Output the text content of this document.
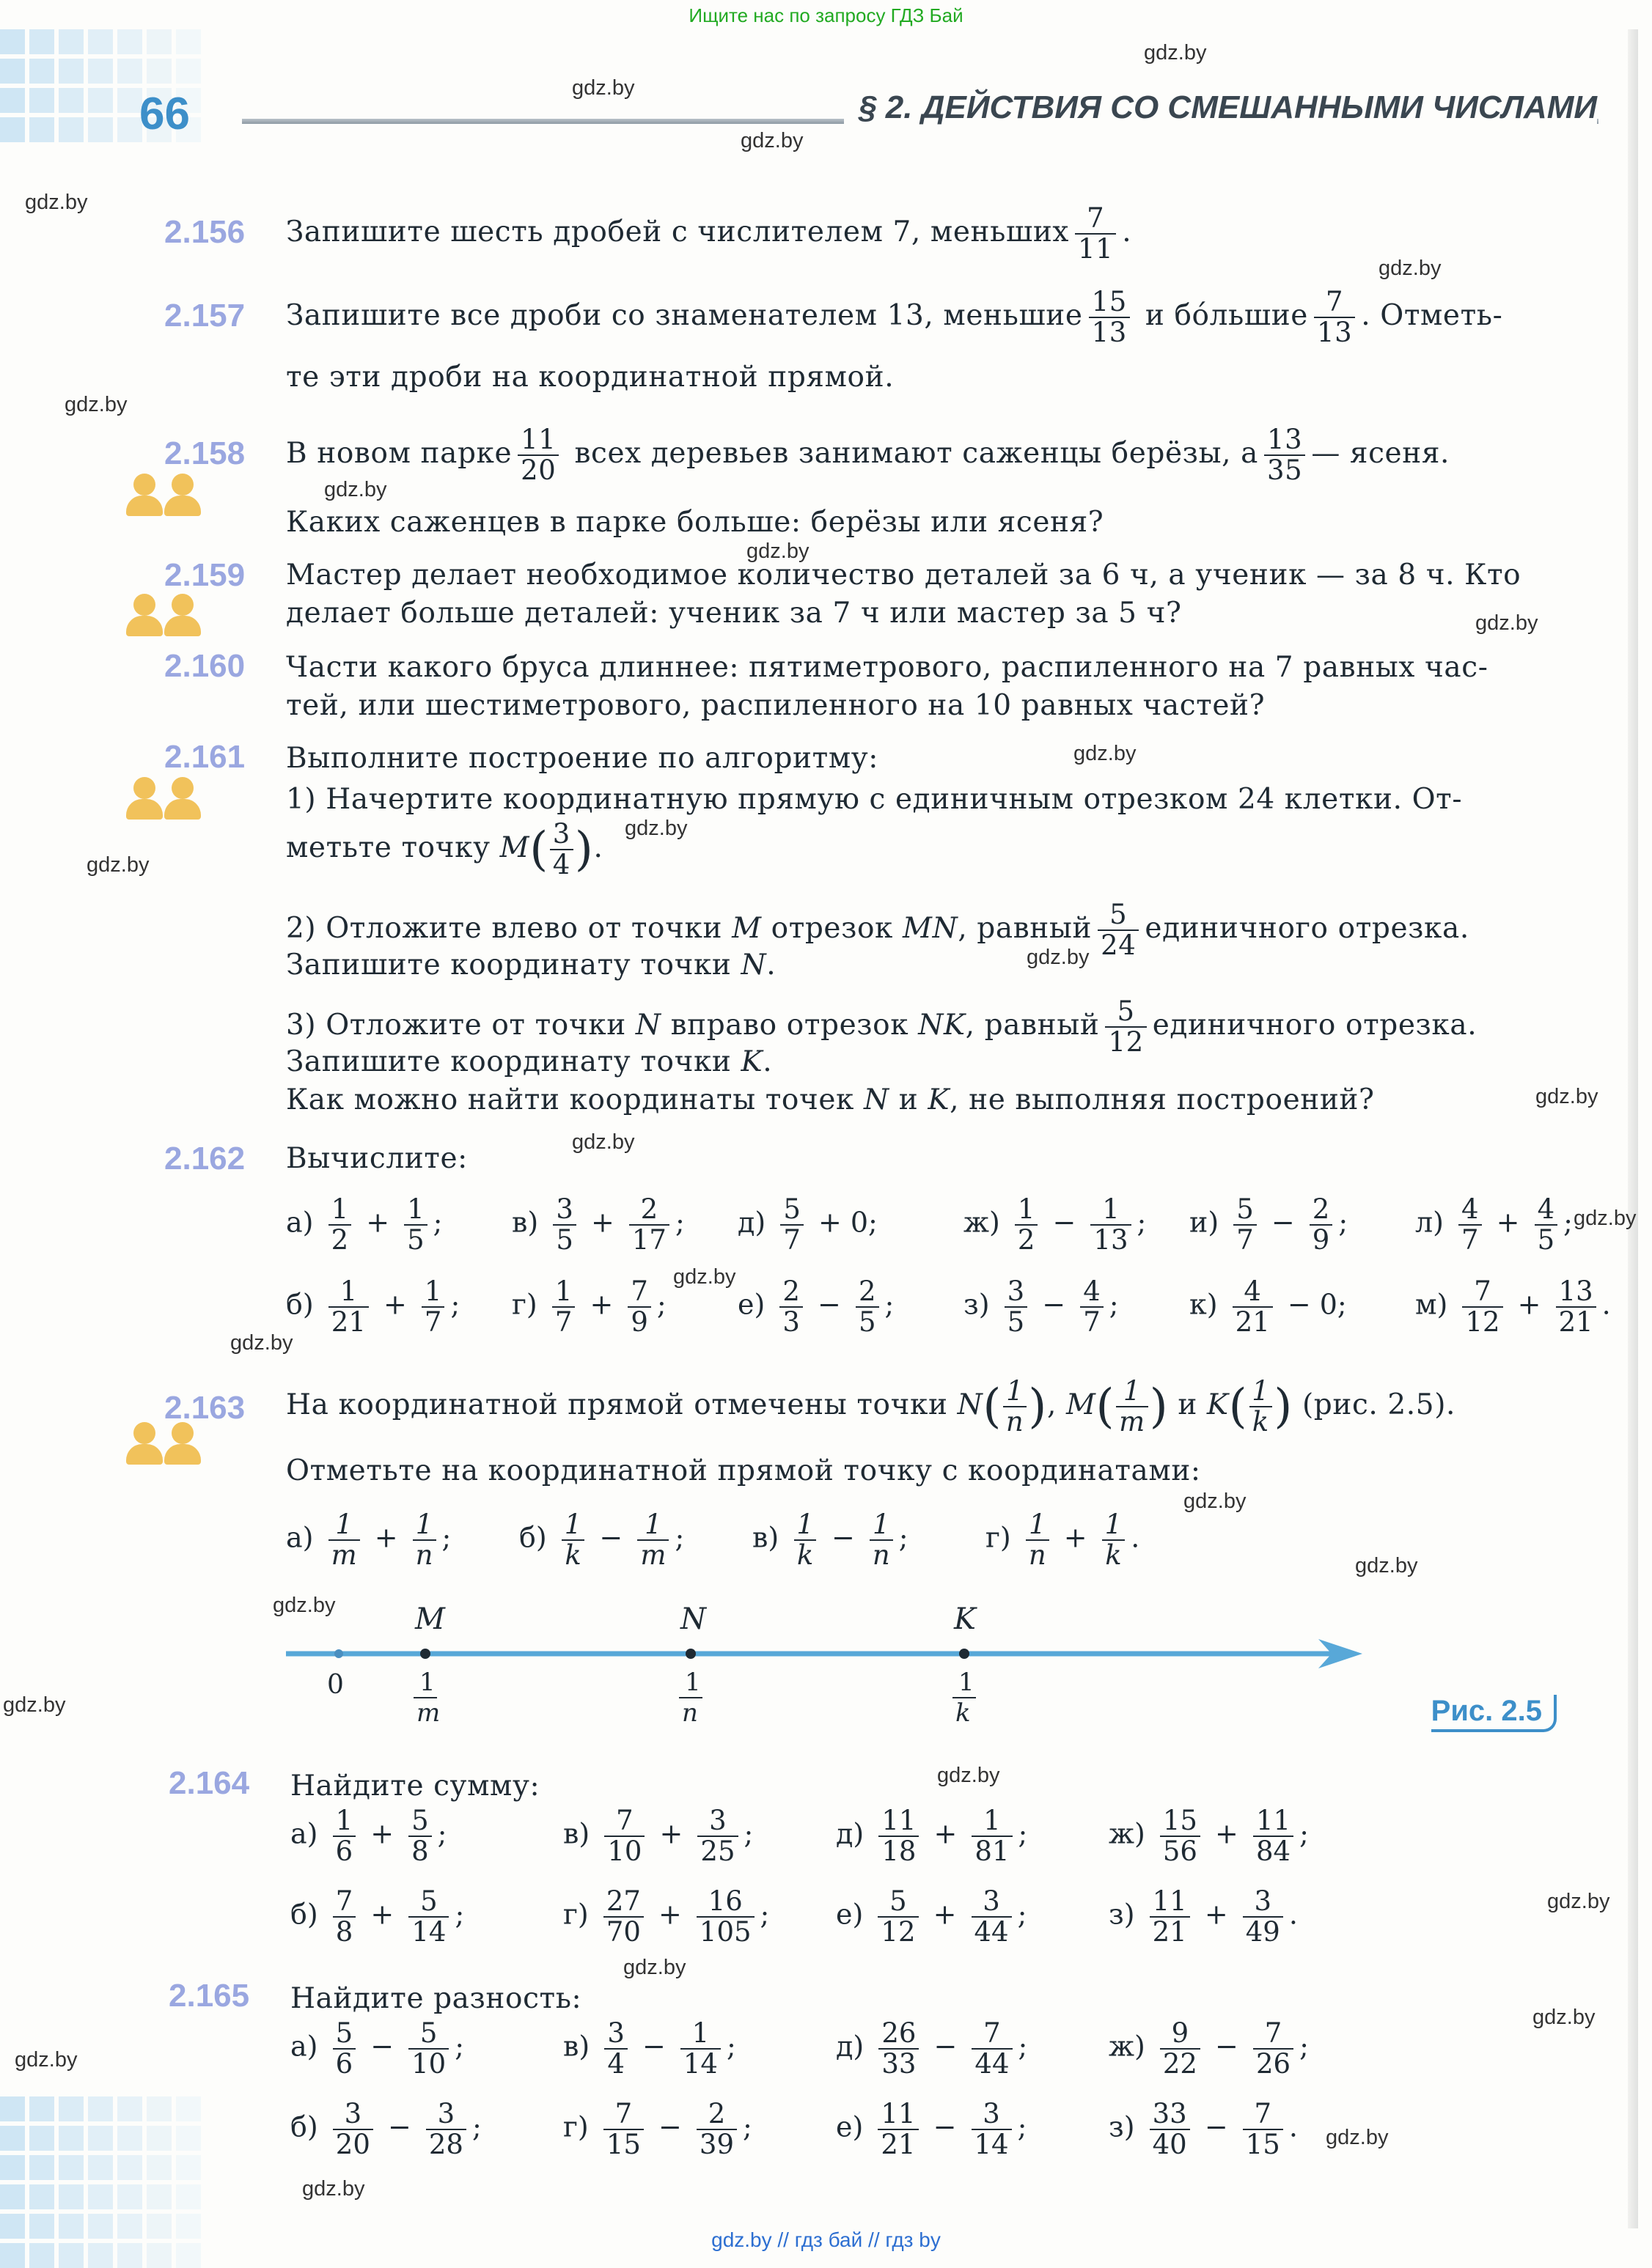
Ищите нас по запросу ГДЗ Бай
gdz.by // гдз бай // гдз by
66	§ 2. ДЕЙСТВИЯ СО СМЕШАННЫМИ ЧИСЛАМИ
gdz.by
gdz.by
gdz.by
gdz.by
gdz.by
gdz.by
gdz.by
gdz.by
gdz.by
gdz.by
gdz.by
gdz.by
gdz.by
gdz.by
gdz.by
gdz.by
gdz.by
gdz.by
gdz.by
gdz.by
gdz.by
gdz.by
gdz.by
gdz.by
gdz.by
gdz.by
gdz.by
gdz.by
gdz.by
2.156 Запишите шесть дробей с числителем 7, меньших $\frac{7}{11}$ .
2.157 Запишите все дроби со знаменателем 13, меньшие $\frac{15}{13}$ и бо́льшие $\frac{7}{13}$ . Отметь-
те эти дроби на координатной прямой.
2.158 В новом парке $\frac{11}{20}$ всех деревьев занимают саженцы берёзы, а $\frac{13}{35}$ — ясеня.
Каких саженцев в парке больше: берёзы или ясеня?
2.159 Мастер делает необходимое количество деталей за 6 ч, а ученик — за 8 ч. Кто
делает больше деталей: ученик за 7 ч или мастер за 5 ч?
2.160 Части какого бруса длиннее: пятиметрового, распиленного на 7 равных час-
тей, или шестиметрового, распиленного на 10 равных частей?
2.161 Выполните построение по алгоритму:
1) Начертите координатную прямую с единичным отрезком 24 клетки. От-
метьте точку $M( \frac{3}{4}$ ).
2) Отложите влево от точки M отрезок MN, равный $\frac{5}{24}$ единичного отрезка.
Запишите координату точки N.
3) Отложите от точки N вправо отрезок NK, равный $\frac{5}{12}$ единичного отрезка.
Запишите координату точки K.
Как можно найти координаты точек N и K, не выполняя построений?
2.162 Вычислите:
$а) \frac{1}{2} + \frac{1}{5}$ ; $в) \frac{3}{5} + \frac{2}{17}$ ; $д) \frac{5}{7} + 0$;	$ж) \frac{1}{2} - \frac{1}{13}$ ; $и) \frac{5}{7} - \frac{2}{9}$ ; $л) \frac{4}{7} + \frac{4}{5}$ ;
$б) \frac{1}{21} + \frac{1}{7}$ ; $г) \frac{1}{7} + \frac{7}{9}$ ;	$е) \frac{2}{3} - \frac{2}{5}$ ; $з) \frac{3}{5} - \frac{4}{7}$ ;	$к) \frac{4}{21} - 0$; $м) \frac{7}{12} + \frac{13}{21}$ .
2.163 На координатной прямой отмечены точки $N( \frac{1}{n}$ ), $M( \frac{1}{m}$ ) и $K( \frac{1}{k}$ ) (рис. 2.5).
Отметьте на координатной прямой точку с координатами:
$а) \frac{1}{m} + \frac{1}{n}$ ; $б) \frac{1}{k} - \frac{1}{m}$ ; $в) \frac{1}{k} - \frac{1}{n}$ ;	$г) \frac{1}{n} + \frac{1}{k}$ .
0
M
1
m
N
1
n
K
1
k	Рис. 2.5
2.164 Найдите сумму:
$а) \frac{1}{6} + \frac{5}{8}$ ;	$в) \frac{7}{10} + \frac{3}{25}$ ;	$д) \frac{11}{18} + \frac{1}{81}$ ;	$ж) \frac{15}{56} + \frac{11}{84}$ ;
$б) \frac{7}{8} + \frac{5}{14}$ ;	$г) \frac{27}{70} + \frac{16}{105}$ ; $е) \frac{5}{12} + \frac{3}{44}$ ;	$з) \frac{11}{21} + \frac{3}{49}$ .
2.165 Найдите разность:
$а) \frac{5}{6} - \frac{5}{10}$ ;	$в) \frac{3}{4} - \frac{1}{14}$ ;	$д) \frac{26}{33} - \frac{7}{44}$ ;	$ж) \frac{9}{22} - \frac{7}{26}$ ;
$б) \frac{3}{20} - \frac{3}{28}$ ;	$г) \frac{7}{15} - \frac{2}{39}$ ;	$е) \frac{11}{21} - \frac{3}{14}$ ;	$з) \frac{33}{40} - \frac{7}{15}$ .
